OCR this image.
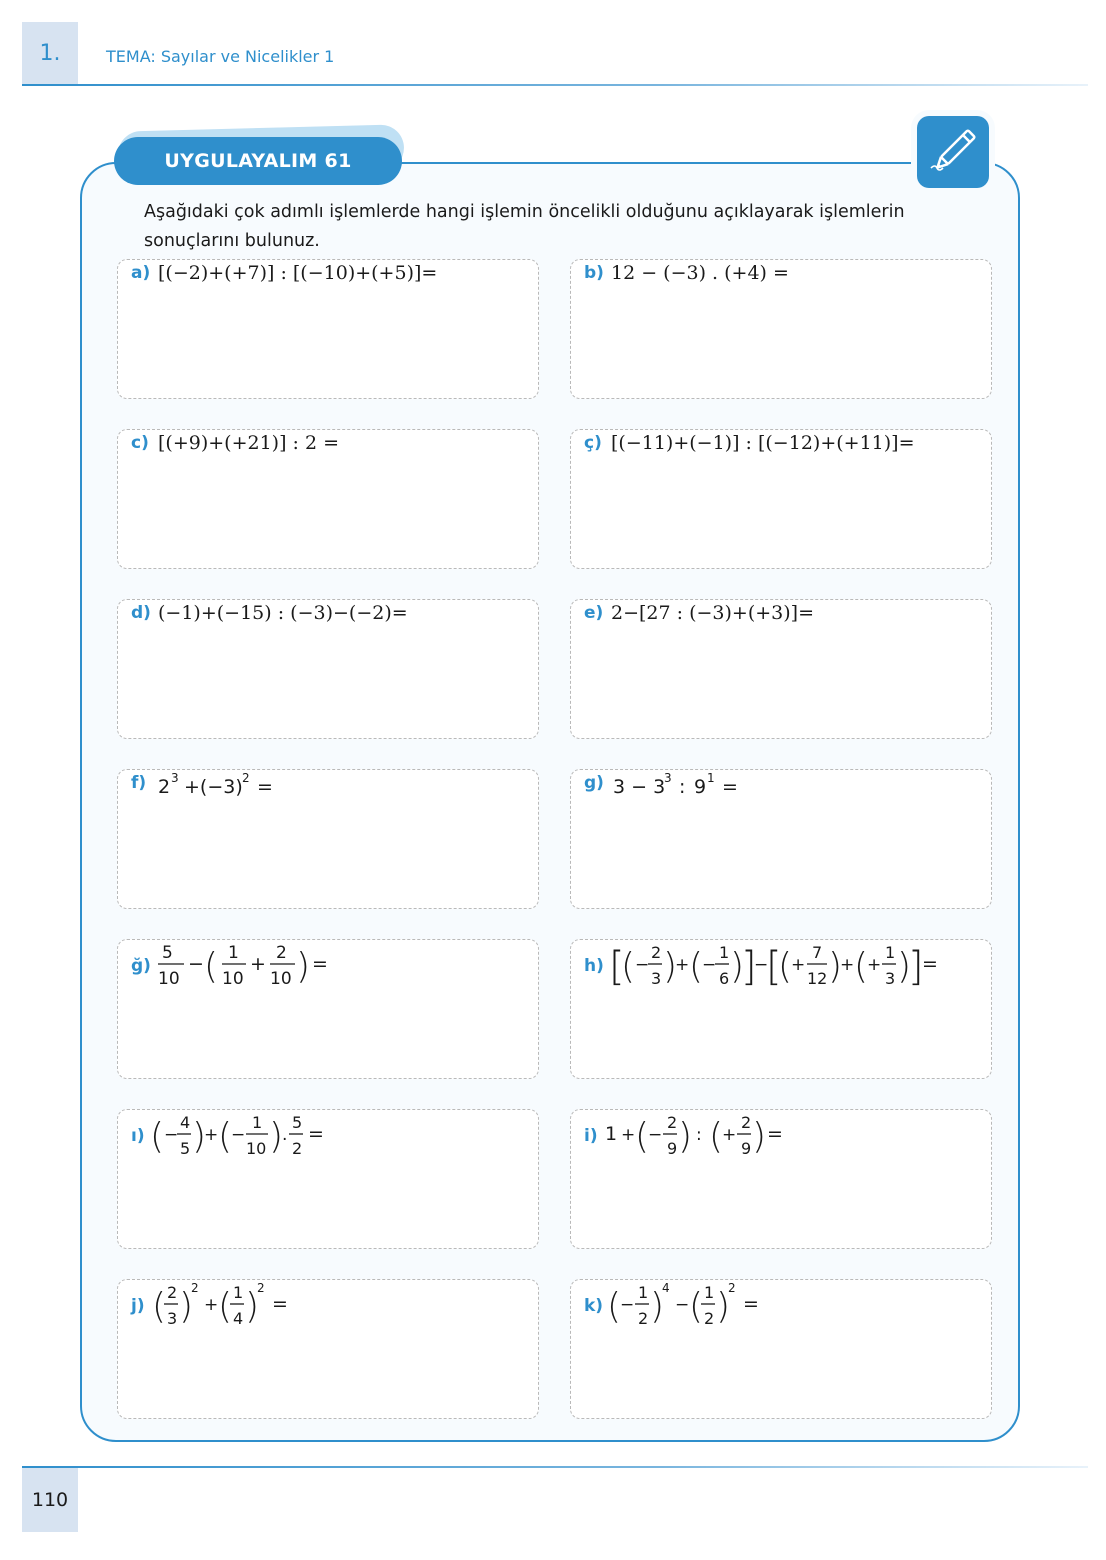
1.	TEMA: Sayılar ve Nicelikler 1
UYGULAYALIM 61
Aşağıdaki çok adımlı işlemlerde hangi işlemin öncelikli olduğunu açıklayarak işlemlerin sonuçlarını bulunuz.
a) [(−2)+(+7)] : [(−10)+(+5)]=	b) 12 − (−3) . (+4) =
c) [(+9)+(+21)] : 2 =	ç) [(−11)+(−1)] : [(−12)+(+11)]=
d) (−1)+(−15) : (−3)−(−2)=	e) 2−[27 : (−3)+(+3)]=
f) 2 3 +(−3) 2 =	g) 3 − 3
3 : 9 1 =
ğ)
5
10
− ( 1
10
+ 2
10 ) =	h) [
( −
2
3 )
+ (
−
1
6 )
]
−
[
(
+
7
12 )
+ (
+
1
3 )
]
=
ı) ( −
4
5 )
+ (
−
1
10 )
.
5
2
=	i) 1 + (
−
2
9 ) : (
+
2
9 ) =
j) ( 2
3 )
2
+ ( 1
4 )
2
=	k) (
−
1
2 )
4
− ( 1
2 )
2
=
110
